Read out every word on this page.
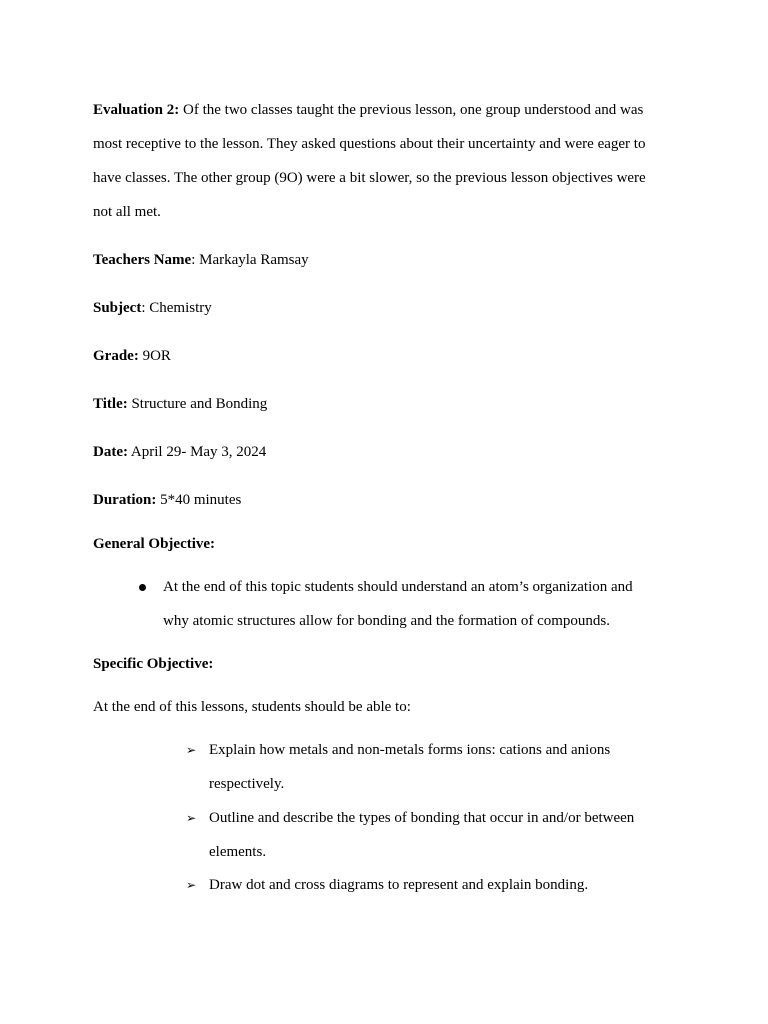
Evaluation 2: Of the two classes taught the previous lesson, one group understood and was
most receptive to the lesson. They asked questions about their uncertainty and were eager to
have classes. The other group (9O) were a bit slower, so the previous lesson objectives were
not all met.
Teachers Name: Markayla Ramsay
Subject: Chemistry
Grade: 9OR
Title: Structure and Bonding
Date: April 29- May 3, 2024
Duration: 5*40 minutes
General Objective:
At the end of this topic students should understand an atom’s organization and
why atomic structures allow for bonding and the formation of compounds.
Specific Objective:
At the end of this lessons, students should be able to:
➢ Explain how metals and non-metals forms ions: cations and anions
respectively.
➢ Outline and describe the types of bonding that occur in and/or between
elements.
➢ Draw dot and cross diagrams to represent and explain bonding.
